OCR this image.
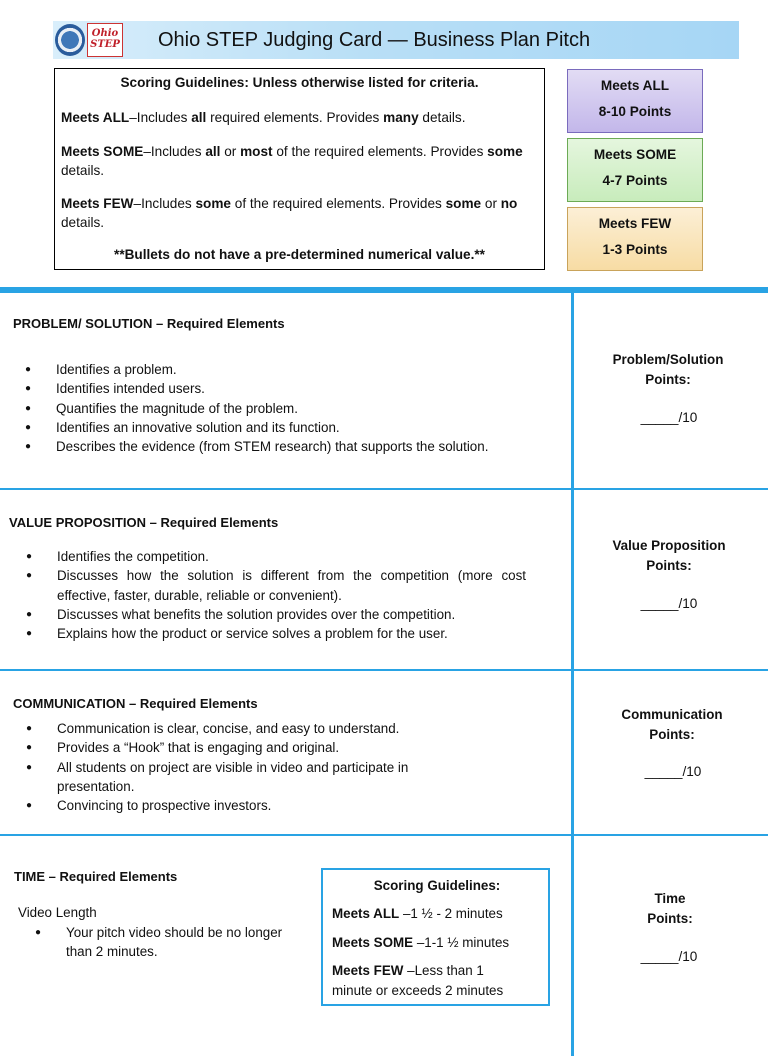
Ohio STEP Ohio STEP Judging Card — Business Plan Pitch

Scoring Guidelines: Unless otherwise listed for criteria.

Meets ALL–Includes all required elements. Provides many details.

Meets SOME–Includes all or most of the required elements. Provides some details.

Meets FEW–Includes some of the required elements. Provides some or no details.

**Bullets do not have a pre-determined numerical value.**

Meets ALL
8-10 Points
Meets SOME
4-7 Points
Meets FEW
1-3 Points
PROBLEM/ SOLUTION – Required Elements
● Identifies a problem.
● Identifies intended users.
● Quantifies the magnitude of the problem.
● Identifies an innovative solution and its function.
● Describes the evidence (from STEM research) that supports the solution.
Problem/Solution
Points:
_____/10
VALUE PROPOSITION – Required Elements
● Identifies the competition.
● Discusses how the solution is different from the competition (more cost effective, faster, durable, reliable or convenient).
● Discusses what benefits the solution provides over the competition.
● Explains how the product or service solves a problem for the user.
Value Proposition
Points:
_____/10
COMMUNICATION – Required Elements
● Communication is clear, concise, and easy to understand.
● Provides a “Hook” that is engaging and original.
● All students on project are visible in video and participate in presentation.
● Convincing to prospective investors.
Communication
Points:
_____/10
TIME – Required Elements
Video Length
● Your pitch video should be no longer than 2 minutes.

Scoring Guidelines:

Meets ALL –1 ½ - 2 minutes

Meets SOME –1-1 ½ minutes

Meets FEW –Less than 1 minute or exceeds 2 minutes

Time
Points:
_____/10
